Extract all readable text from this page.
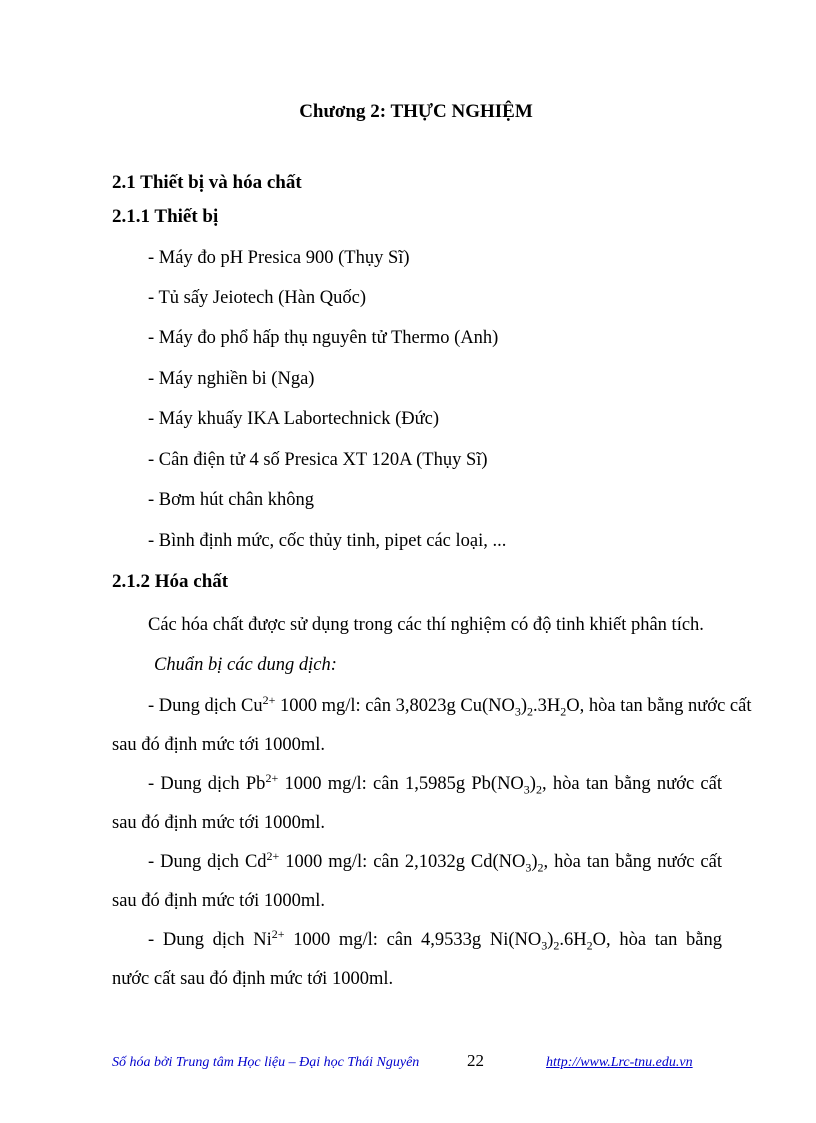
Chương 2: THỰC NGHIỆM
2.1 Thiết bị và hóa chất
2.1.1 Thiết bị
- Máy đo pH Presica 900 (Thụy Sĩ)
- Tủ sấy Jeiotech (Hàn Quốc)
- Máy đo phổ hấp thụ nguyên tử Thermo (Anh)
- Máy nghiền bi (Nga)
- Máy khuấy IKA Labortechnick (Đức)
- Cân điện tử 4 số Presica XT 120A (Thụy Sĩ)
- Bơm hút chân không
- Bình định mức, cốc thủy tinh, pipet các loại, ...
2.1.2 Hóa chất
Các hóa chất được sử dụng trong các thí nghiệm có độ tinh khiết phân tích.
Chuẩn bị các dung dịch:
- Dung dịch $Cu^{2+}$ 1000 mg/l: cân 3,8023g $Cu(NO_3)_2.3H_2O$, hòa tan bằng nước cất
sau đó định mức tới 1000ml.
- Dung dịch $Pb^{2+}$ 1000 mg/l: cân 1,5985g $Pb(NO_3)_2$, hòa tan bằng nước cất
sau đó định mức tới 1000ml.
- Dung dịch $Cd^{2+}$ 1000 mg/l: cân 2,1032g $Cd(NO_3)_2$, hòa tan bằng nước cất
sau đó định mức tới 1000ml.
- Dung dịch $Ni^{2+}$ 1000 mg/l: cân 4,9533g $Ni(NO_3)_2.6H_2O$, hòa tan bằng
nước cất sau đó định mức tới 1000ml.
Số hóa bởi Trung tâm Học liệu – Đại học Thái Nguyên	22	http://www.Lrc-tnu.edu.vn
